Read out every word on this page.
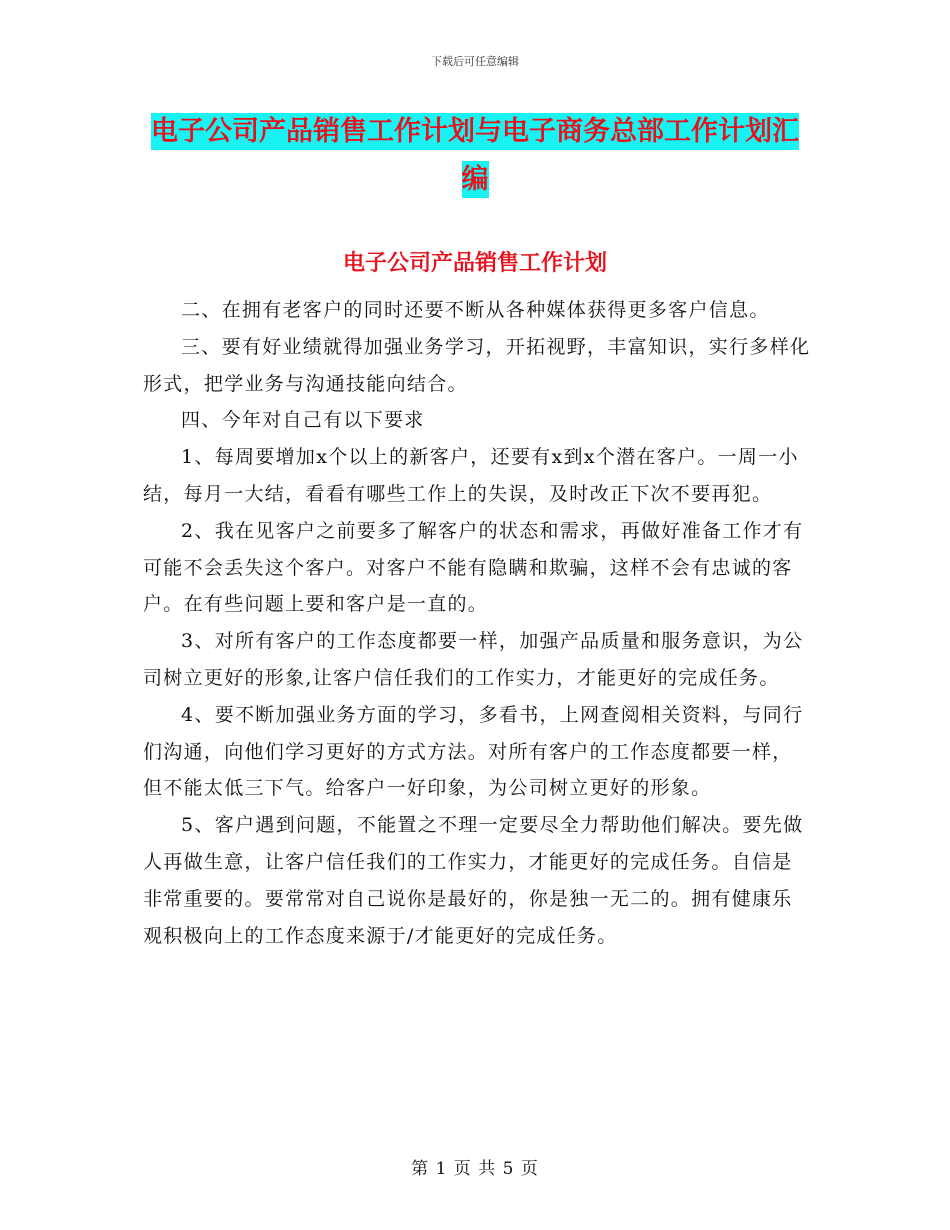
下载后可任意编辑
电子公司产品销售工作计划与电子商务总部工作计划汇编
电子公司产品销售工作计划

二、在拥有老客户的同时还要不断从各种媒体获得更多客户信息。

三、要有好业绩就得加强业务学习，开拓视野，丰富知识，实行多样化形式，把学业务与沟通技能向结合。

四、今年对自己有以下要求

1、每周要增加x个以上的新客户，还要有x到x个潜在客户。一周一小结，每月一大结，看看有哪些工作上的失误，及时改正下次不要再犯。

2、我在见客户之前要多了解客户的状态和需求，再做好准备工作才有可能不会丢失这个客户。对客户不能有隐瞒和欺骗，这样不会有忠诚的客户。在有些问题上要和客户是一直的。

3、对所有客户的工作态度都要一样，加强产品质量和服务意识，为公司树立更好的形象,让客户信任我们的工作实力，才能更好的完成任务。

4、要不断加强业务方面的学习，多看书，上网查阅相关资料，与同行们沟通，向他们学习更好的方式方法。对所有客户的工作态度都要一样，但不能太低三下气。给客户一好印象，为公司树立更好的形象。

5、客户遇到问题，不能置之不理一定要尽全力帮助他们解决。要先做人再做生意，让客户信任我们的工作实力，才能更好的完成任务。自信是非常重要的。要常常对自己说你是最好的，你是独一无二的。拥有健康乐观积极向上的工作态度来源于/才能更好的完成任务。

第 1 页 共 5 页
